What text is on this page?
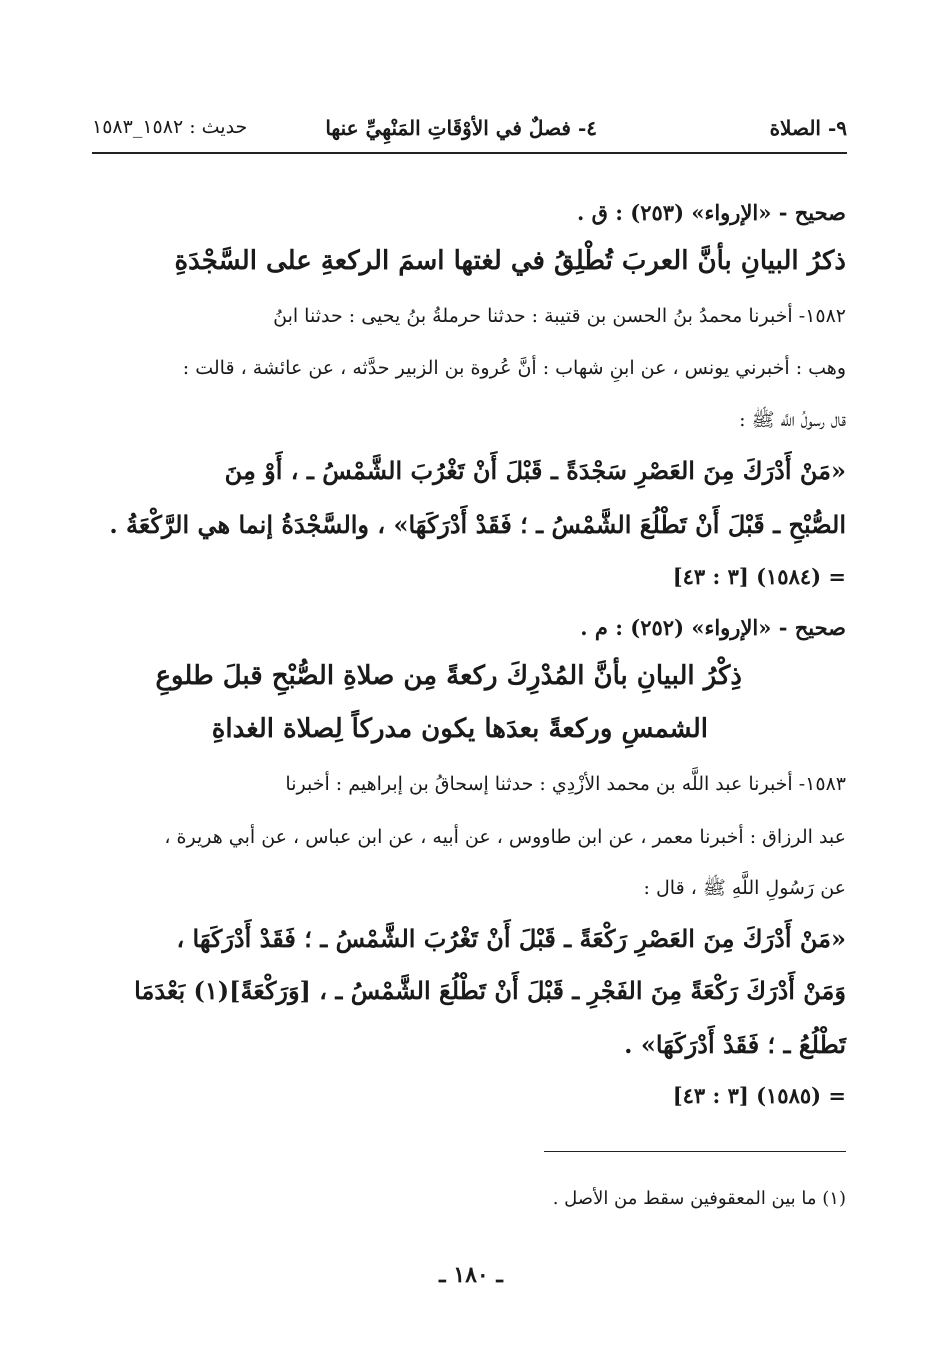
٩- الصلاة
٤- فصلٌ في الأوْقَاتِ المَنْهِيِّ عنها
حديث : ١٥٨٢_١٥٨٣
صحيح - «الإرواء» (٢٥٣) : ق .
ذكرُ البيانِ بأنَّ العربَ تُطْلِقُ في لغتها اسمَ الركعةِ على السَّجْدَةِ
١٥٨٢- أخبرنا محمدُ بنُ الحسن بن قتيبة : حدثنا حرملةُ بنُ يحيى : حدثنا ابنُ
وهب : أخبرني يونس ، عن ابنِ شهاب : أنَّ عُروة بن الزبير حدَّثه ، عن عائشة ، قالت :
قال رسولُ اللَّه ﷺ :
«مَنْ أَدْرَكَ مِنَ العَصْرِ سَجْدَةً ـ قَبْلَ أَنْ تَغْرُبَ الشَّمْسُ ـ ، أَوْ مِنَ
الصُّبْحِ ـ قَبْلَ أَنْ تَطْلُعَ الشَّمْسُ ـ ؛ فَقَدْ أَدْرَكَهَا» ، والسَّجْدَةُ إنما هي الرَّكْعَةُ .
= (١٥٨٤) [٣ : ٤٣]
صحيح - «الإرواء» (٢٥٢) : م .
ذِكْرُ البيانِ بأنَّ المُدْرِكَ ركعةً مِن صلاةِ الصُّبْحِ قبلَ طلوعِ
الشمسِ وركعةً بعدَها يكون مدركاً لِصلاة الغداةِ
١٥٨٣- أخبرنا عبد اللَّه بن محمد الأزْدِي : حدثنا إسحاقُ بن إبراهيم : أخبرنا
عبد الرزاق : أخبرنا معمر ، عن ابن طاووس ، عن أبيه ، عن ابن عباس ، عن أبي هريرة ،
عن رَسُولِ اللَّهِ ﷺ ، قال :
«مَنْ أَدْرَكَ مِنَ العَصْرِ رَكْعَةً ـ قَبْلَ أَنْ تَغْرُبَ الشَّمْسُ ـ ؛ فَقَدْ أَدْرَكَهَا ،
وَمَنْ أَدْرَكَ رَكْعَةً مِنَ الفَجْرِ ـ قَبْلَ أَنْ تَطْلُعَ الشَّمْسُ ـ ، [وَرَكْعَةً](١) بَعْدَمَا
تَطْلُعُ ـ ؛ فَقَدْ أَدْرَكَهَا» .
= (١٥٨٥) [٣ : ٤٣]
(١) ما بين المعقوفين سقط من الأصل .
ـ ١٨٠ ـ
